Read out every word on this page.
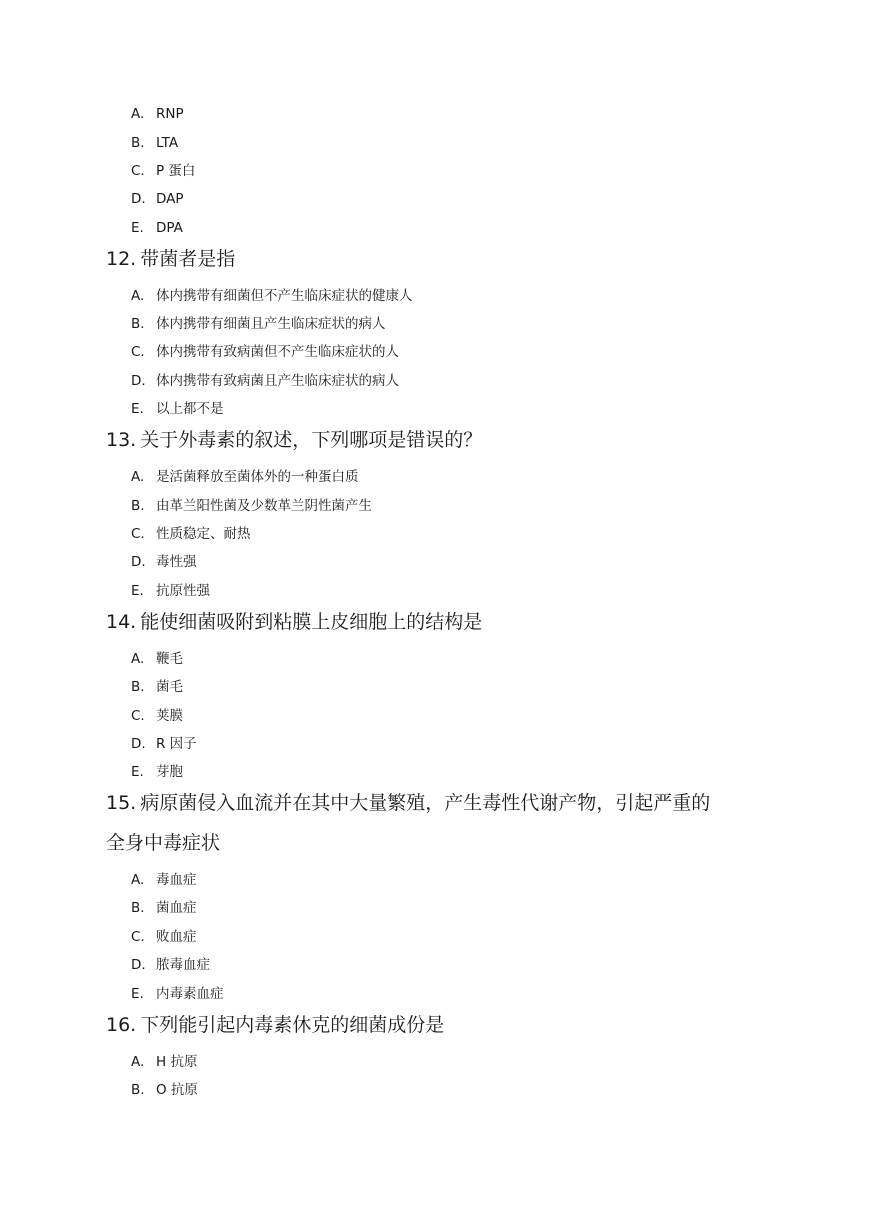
A. RNP
B. LTA
C. P 蛋白
D. DAP
E. DPA
12. 带菌者是指
A. 体内携带有细菌但不产生临床症状的健康人
B. 体内携带有细菌且产生临床症状的病人
C. 体内携带有致病菌但不产生临床症状的人
D. 体内携带有致病菌且产生临床症状的病人
E. 以上都不是
13. 关于外毒素的叙述，下列哪项是错误的？
A. 是活菌释放至菌体外的一种蛋白质
B. 由革兰阳性菌及少数革兰阴性菌产生
C. 性质稳定、耐热
D. 毒性强
E. 抗原性强
14. 能使细菌吸附到粘膜上皮细胞上的结构是
A. 鞭毛
B. 菌毛
C. 荚膜
D. R 因子
E. 芽胞
15. 病原菌侵入血流并在其中大量繁殖，产生毒性代谢产物，引起严重的
全身中毒症状
A. 毒血症
B. 菌血症
C. 败血症
D. 脓毒血症
E. 内毒素血症
16. 下列能引起内毒素休克的细菌成份是
A. H 抗原
B. O 抗原
